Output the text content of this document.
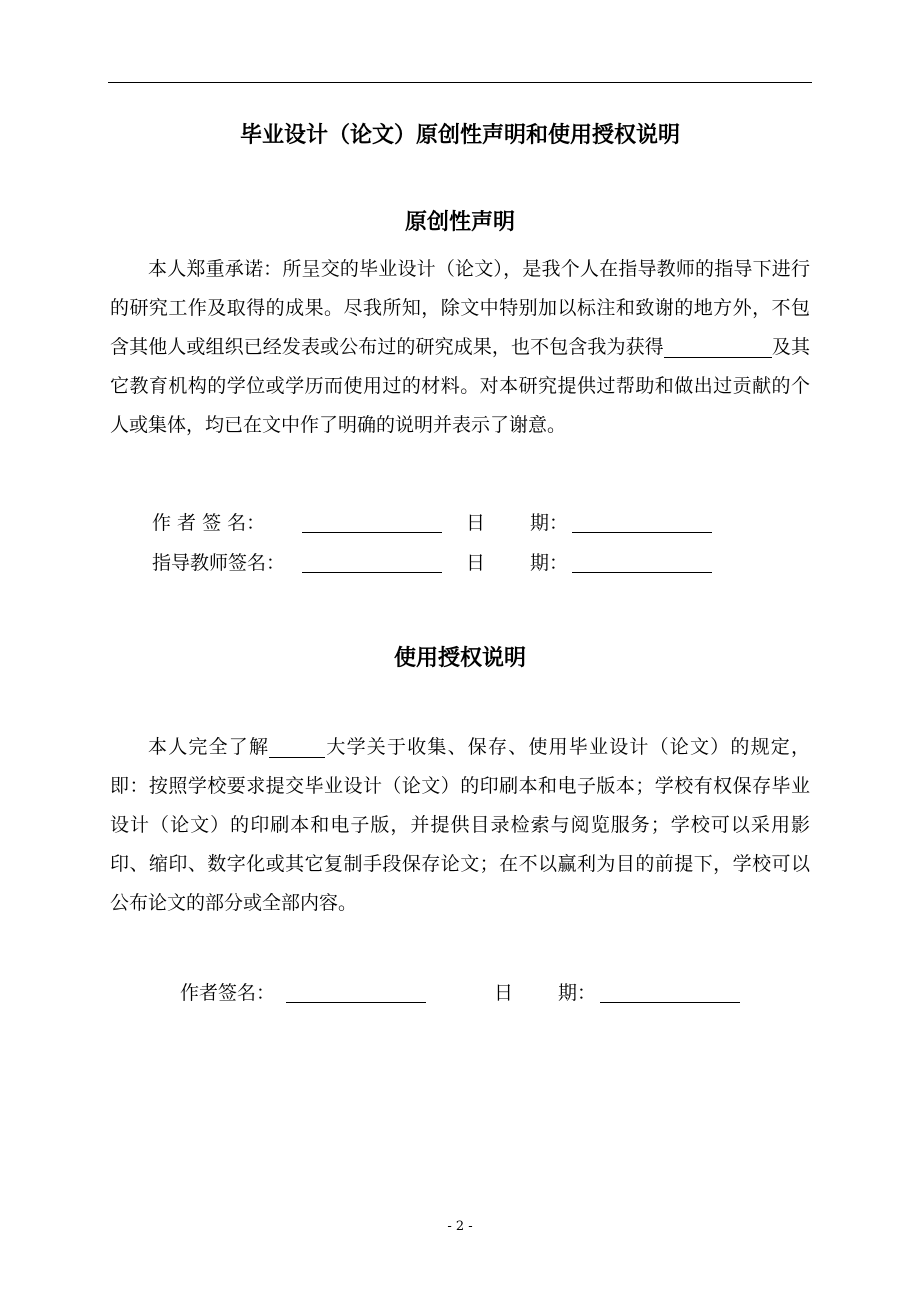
毕业设计（论文）原创性声明和使用授权说明
原创性声明

本人郑重承诺：所呈交的毕业设计（论文），是我个人在指导教师的指导下进行的研究工作及取得的成果。尽我所知，除文中特别加以标注和致谢的地方外，不包含其他人或组织已经发表或公布过的研究成果，也不包含我为获得	及其它教育机构的学位或学历而使用过的材料。对本研究提供过帮助和做出过贡献的个人或集体，均已在文中作了明确的说明并表示了谢意。

作 者 签 名：	日 期：
指导教师签名：	日 期：
使用授权说明

本人完全了解	大学关于收集、保存、使用毕业设计（论文）的规定，即：按照学校要求提交毕业设计（论文）的印刷本和电子版本；学校有权保存毕业设计（论文）的印刷本和电子版，并提供目录检索与阅览服务；学校可以采用影印、缩印、数字化或其它复制手段保存论文；在不以赢利为目的前提下，学校可以公布论文的部分或全部内容。

作者签名：	日 期：
- 2 -
